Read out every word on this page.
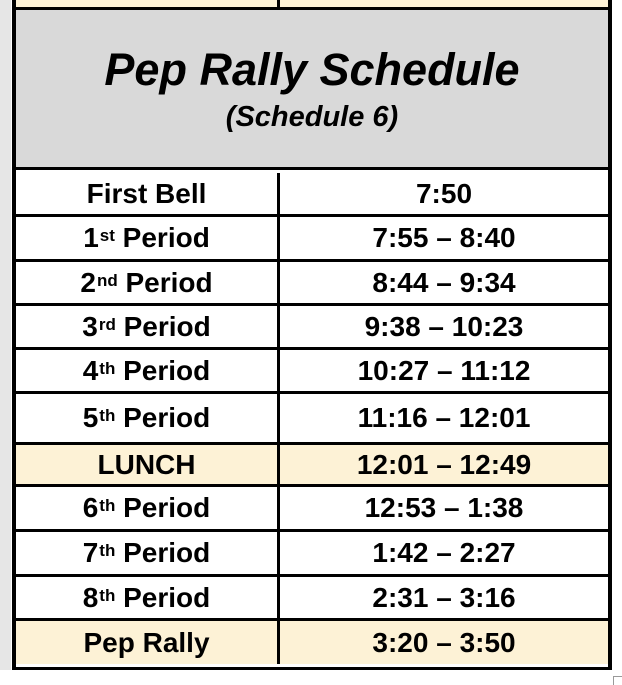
Pep Rally Schedule

(Schedule 6)

First Bell	7:50
1st Period	7:55 – 8:40
2nd Period	8:44 – 9:34
3rd Period	9:38 – 10:23
4th Period	10:27 – 11:12
5th Period	11:16 – 12:01
LUNCH	12:01 – 12:49
6th Period	12:53 – 1:38
7th Period	1:42 – 2:27
8th Period	2:31 – 3:16
Pep Rally	3:20 – 3:50
